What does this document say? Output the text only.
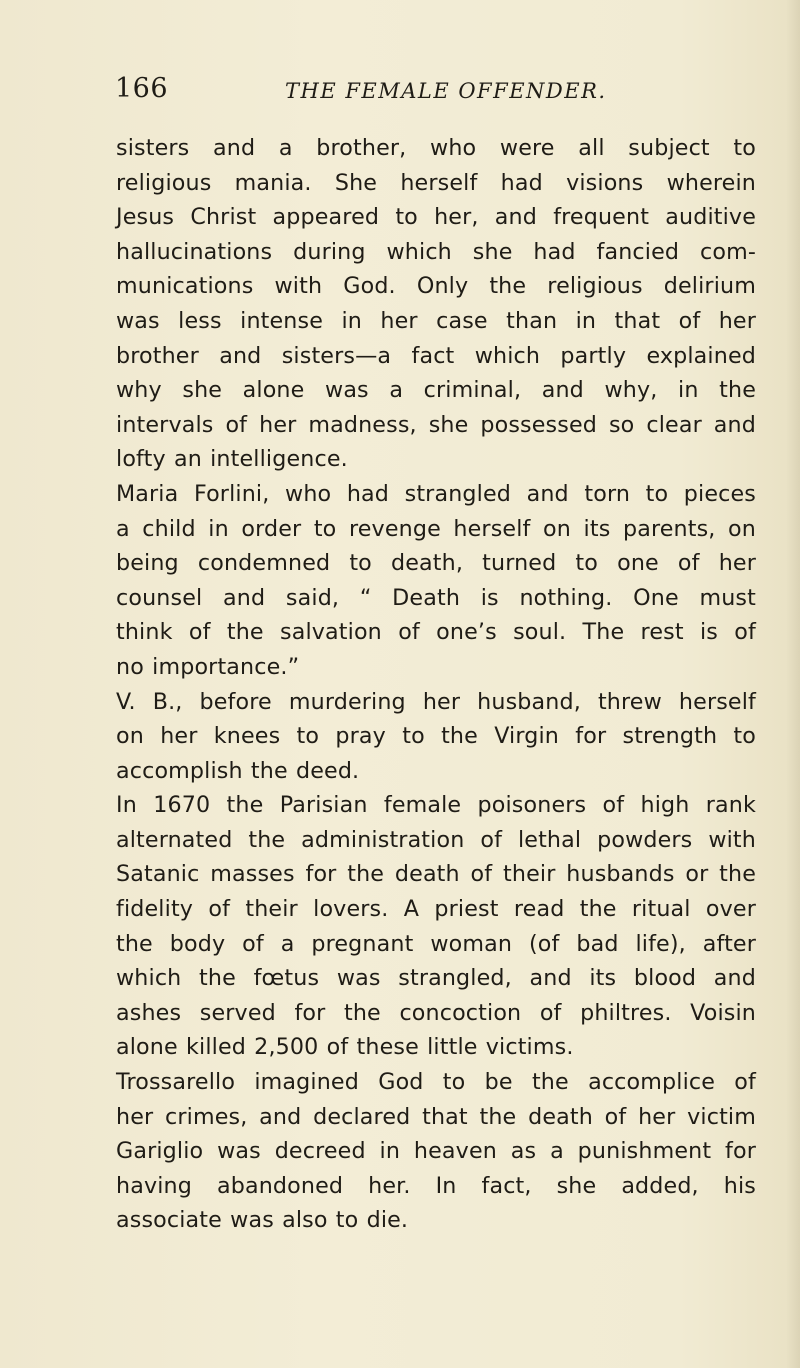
166	THE FEMALE OFFENDER.
sisters and a brother, who were all subject to
religious mania. She herself had visions wherein
Jesus Christ appeared to her, and frequent auditive
hallucinations during which she had fancied com-
munications with God. Only the religious delirium
was less intense in her case than in that of her
brother and sisters—a fact which partly explained
why she alone was a criminal, and why, in the
intervals of her madness, she possessed so clear and
lofty an intelligence.
Maria Forlini, who had strangled and torn to pieces
a child in order to revenge herself on its parents, on
being condemned to death, turned to one of her
counsel and said, “ Death is nothing. One must
think of the salvation of one’s soul. The rest is of
no importance.”
V. B., before murdering her husband, threw herself
on her knees to pray to the Virgin for strength to
accomplish the deed.
In 1670 the Parisian female poisoners of high rank
alternated the administration of lethal powders with
Satanic masses for the death of their husbands or the
fidelity of their lovers. A priest read the ritual over
the body of a pregnant woman (of bad life), after
which the fœtus was strangled, and its blood and
ashes served for the concoction of philtres. Voisin
alone killed 2,500 of these little victims.
Trossarello imagined God to be the accomplice of
her crimes, and declared that the death of her victim
Gariglio was decreed in heaven as a punishment for
having abandoned her. In fact, she added, his
associate was also to die.
